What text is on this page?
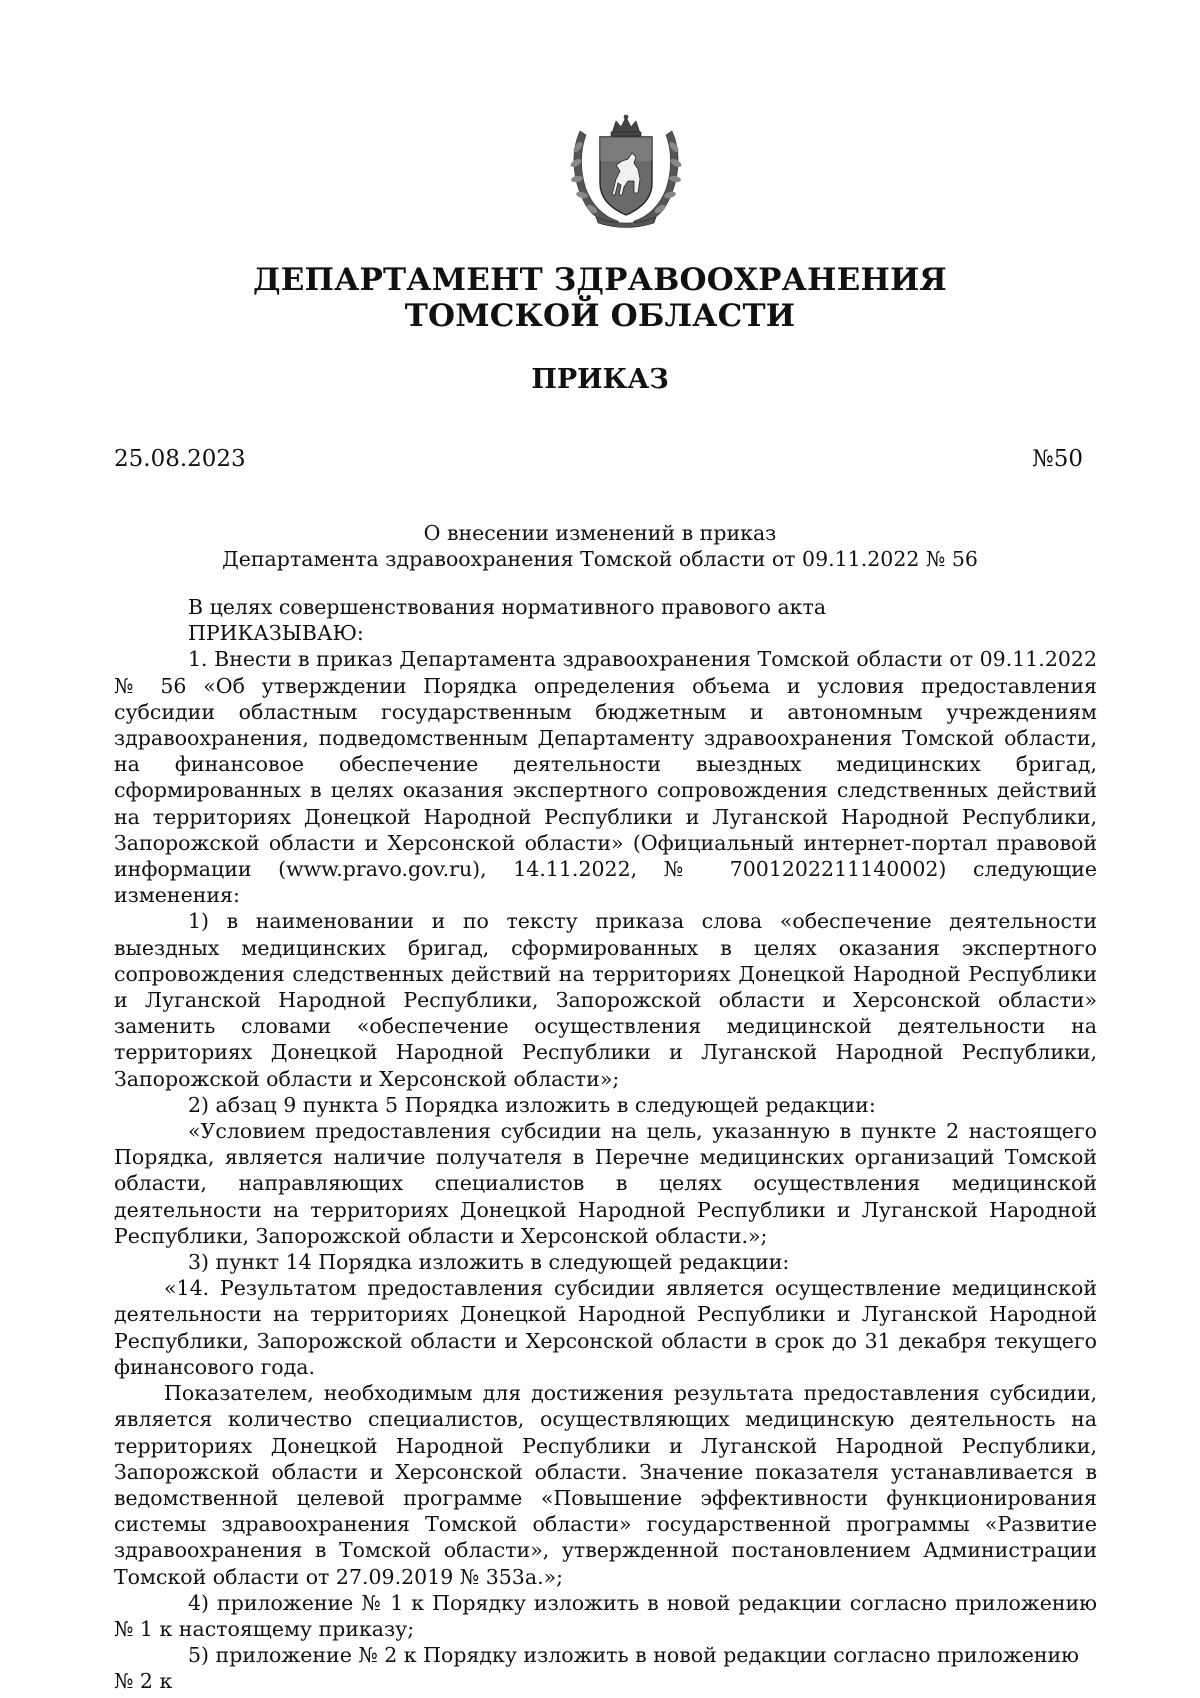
ДЕПАРТАМЕНТ ЗДРАВООХРАНЕНИЯ
ТОМСКОЙ ОБЛАСТИ
ПРИКАЗ
25.08.2023	№50
О внесении изменений в приказ
Департамента здравоохранения Томской области от 09.11.2022 № 56

В целях совершенствования нормативного правового акта

ПРИКАЗЫВАЮ:

1. Внести в приказ Департамента здравоохранения Томской области от 09.11.2022 № 56 «Об утверждении Порядка определения объема и условия предоставления субсидии областным государственным бюджетным и автономным учреждениям здравоохранения, подведомственным Департаменту здравоохранения Томской области, на финансовое обеспечение деятельности выездных медицинских бригад, сформированных в целях оказания экспертного сопровождения следственных действий на территориях Донецкой Народной Республики и Луганской Народной Республики, Запорожской области и Херсонской области» (Официальный интернет-портал правовой информации (www.pravo.gov.ru), 14.11.2022, № 7001202211140002) следующие изменения:

1) в наименовании и по тексту приказа слова «обеспечение деятельности выездных медицинских бригад, сформированных в целях оказания экспертного сопровождения следственных действий на территориях Донецкой Народной Республики и Луганской Народной Республики, Запорожской области и Херсонской области» заменить словами «обеспечение осуществления медицинской деятельности на территориях Донецкой Народной Республики и Луганской Народной Республики, Запорожской области и Херсонской области»;

2) абзац 9 пункта 5 Порядка изложить в следующей редакции:

«Условием предоставления субсидии на цель, указанную в пункте 2 настоящего Порядка, является наличие получателя в Перечне медицинских организаций Томской области, направляющих специалистов в целях осуществления медицинской деятельности на территориях Донецкой Народной Республики и Луганской Народной Республики, Запорожской области и Херсонской области.»;

3) пункт 14 Порядка изложить в следующей редакции:

«14. Результатом предоставления субсидии является осуществление медицинской деятельности на территориях Донецкой Народной Республики и Луганской Народной Республики, Запорожской области и Херсонской области в срок до 31 декабря текущего финансового года.

Показателем, необходимым для достижения результата предоставления субсидии, является количество специалистов, осуществляющих медицинскую деятельность на территориях Донецкой Народной Республики и Луганской Народной Республики, Запорожской области и Херсонской области. Значение показателя устанавливается в ведомственной целевой программе «Повышение эффективности функционирования системы здравоохранения Томской области» государственной программы «Развитие здравоохранения в Томской области», утвержденной постановлением Администрации Томской области от 27.09.2019 № 353а.»;

4) приложение № 1 к Порядку изложить в новой редакции согласно приложению № 1 к настоящему приказу;

5) приложение № 2 к Порядку изложить в новой редакции согласно приложению № 2 к
